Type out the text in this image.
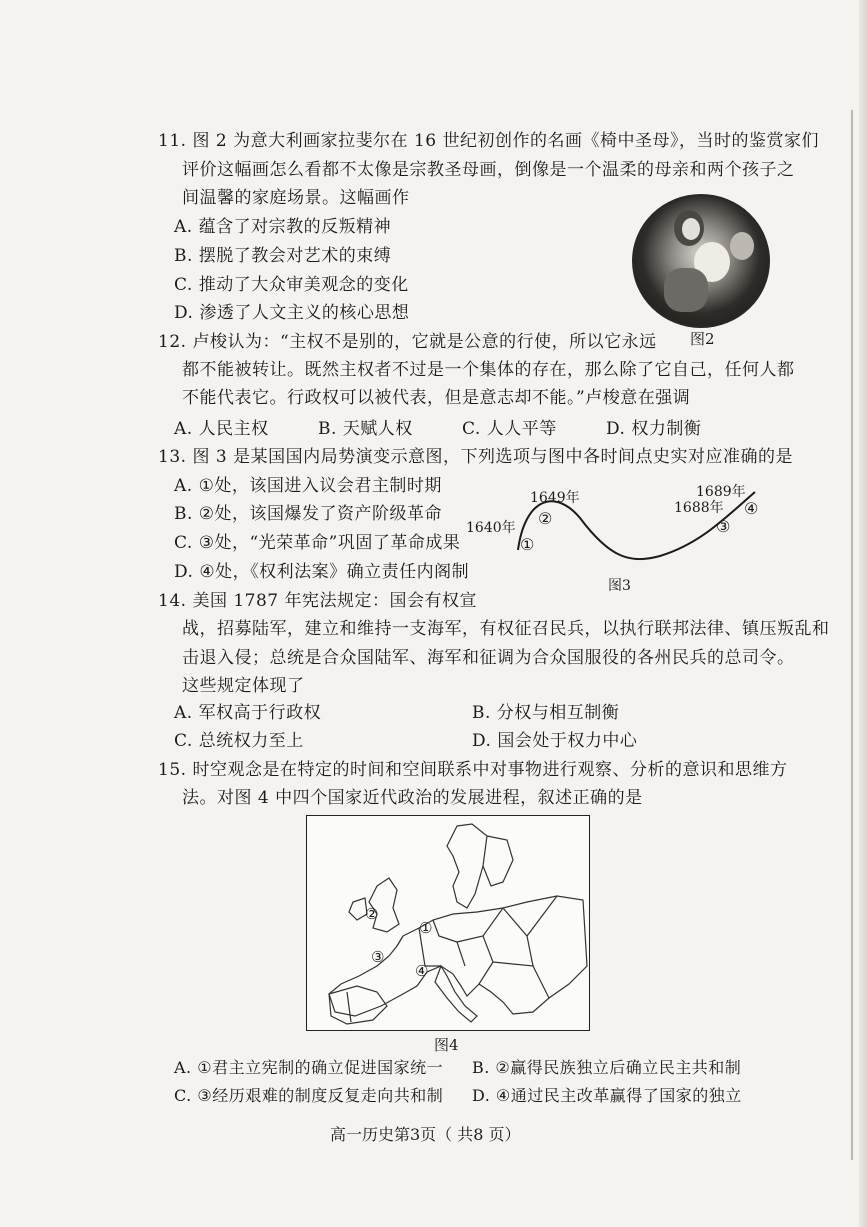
11. 图 2 为意大利画家拉斐尔在 16 世纪初创作的名画《椅中圣母》，当时的鉴赏家们
评价这幅画怎么看都不太像是宗教圣母画，倒像是一个温柔的母亲和两个孩子之
间温馨的家庭场景。这幅画作
A. 蕴含了对宗教的反叛精神
B. 摆脱了教会对艺术的束缚
C. 推动了大众审美观念的变化
D. 渗透了人文主义的核心思想
图2
12. 卢梭认为：“主权不是别的，它就是公意的行使，所以它永远
都不能被转让。既然主权者不过是一个集体的存在，那么除了它自己，任何人都
不能代表它。行政权可以被代表，但是意志却不能。”卢梭意在强调
A. 人民主权	B. 天赋人权	C. 人人平等	D. 权力制衡
13. 图 3 是某国国内局势演变示意图，下列选项与图中各时间点史实对应准确的是
A. ①处，该国进入议会君主制时期
B. ②处，该国爆发了资产阶级革命
C. ③处，“光荣革命”巩固了革命成果
D. ④处，《权利法案》确立责任内阁制
1640年
1649年
1688年
1689年
①
②	③
④
图3
14. 美国 1787 年宪法规定：国会有权宣
战，招募陆军，建立和维持一支海军，有权征召民兵，以执行联邦法律、镇压叛乱和
击退入侵；总统是合众国陆军、海军和征调为合众国服役的各州民兵的总司令。
这些规定体现了
A. 军权高于行政权	B. 分权与相互制衡
C. 总统权力至上	D. 国会处于权力中心
15. 时空观念是在特定的时间和空间联系中对事物进行观察、分析的意识和思维方
法。对图 4 中四个国家近代政治的发展进程，叙述正确的是
①
②
③
④
图4
A. ①君主立宪制的确立促进国家统一 B. ②赢得民族独立后确立民主共和制
C. ③经历艰难的制度反复走向共和制 D. ④通过民主改革赢得了国家的独立
高一历史第3页（ 共8 页）
